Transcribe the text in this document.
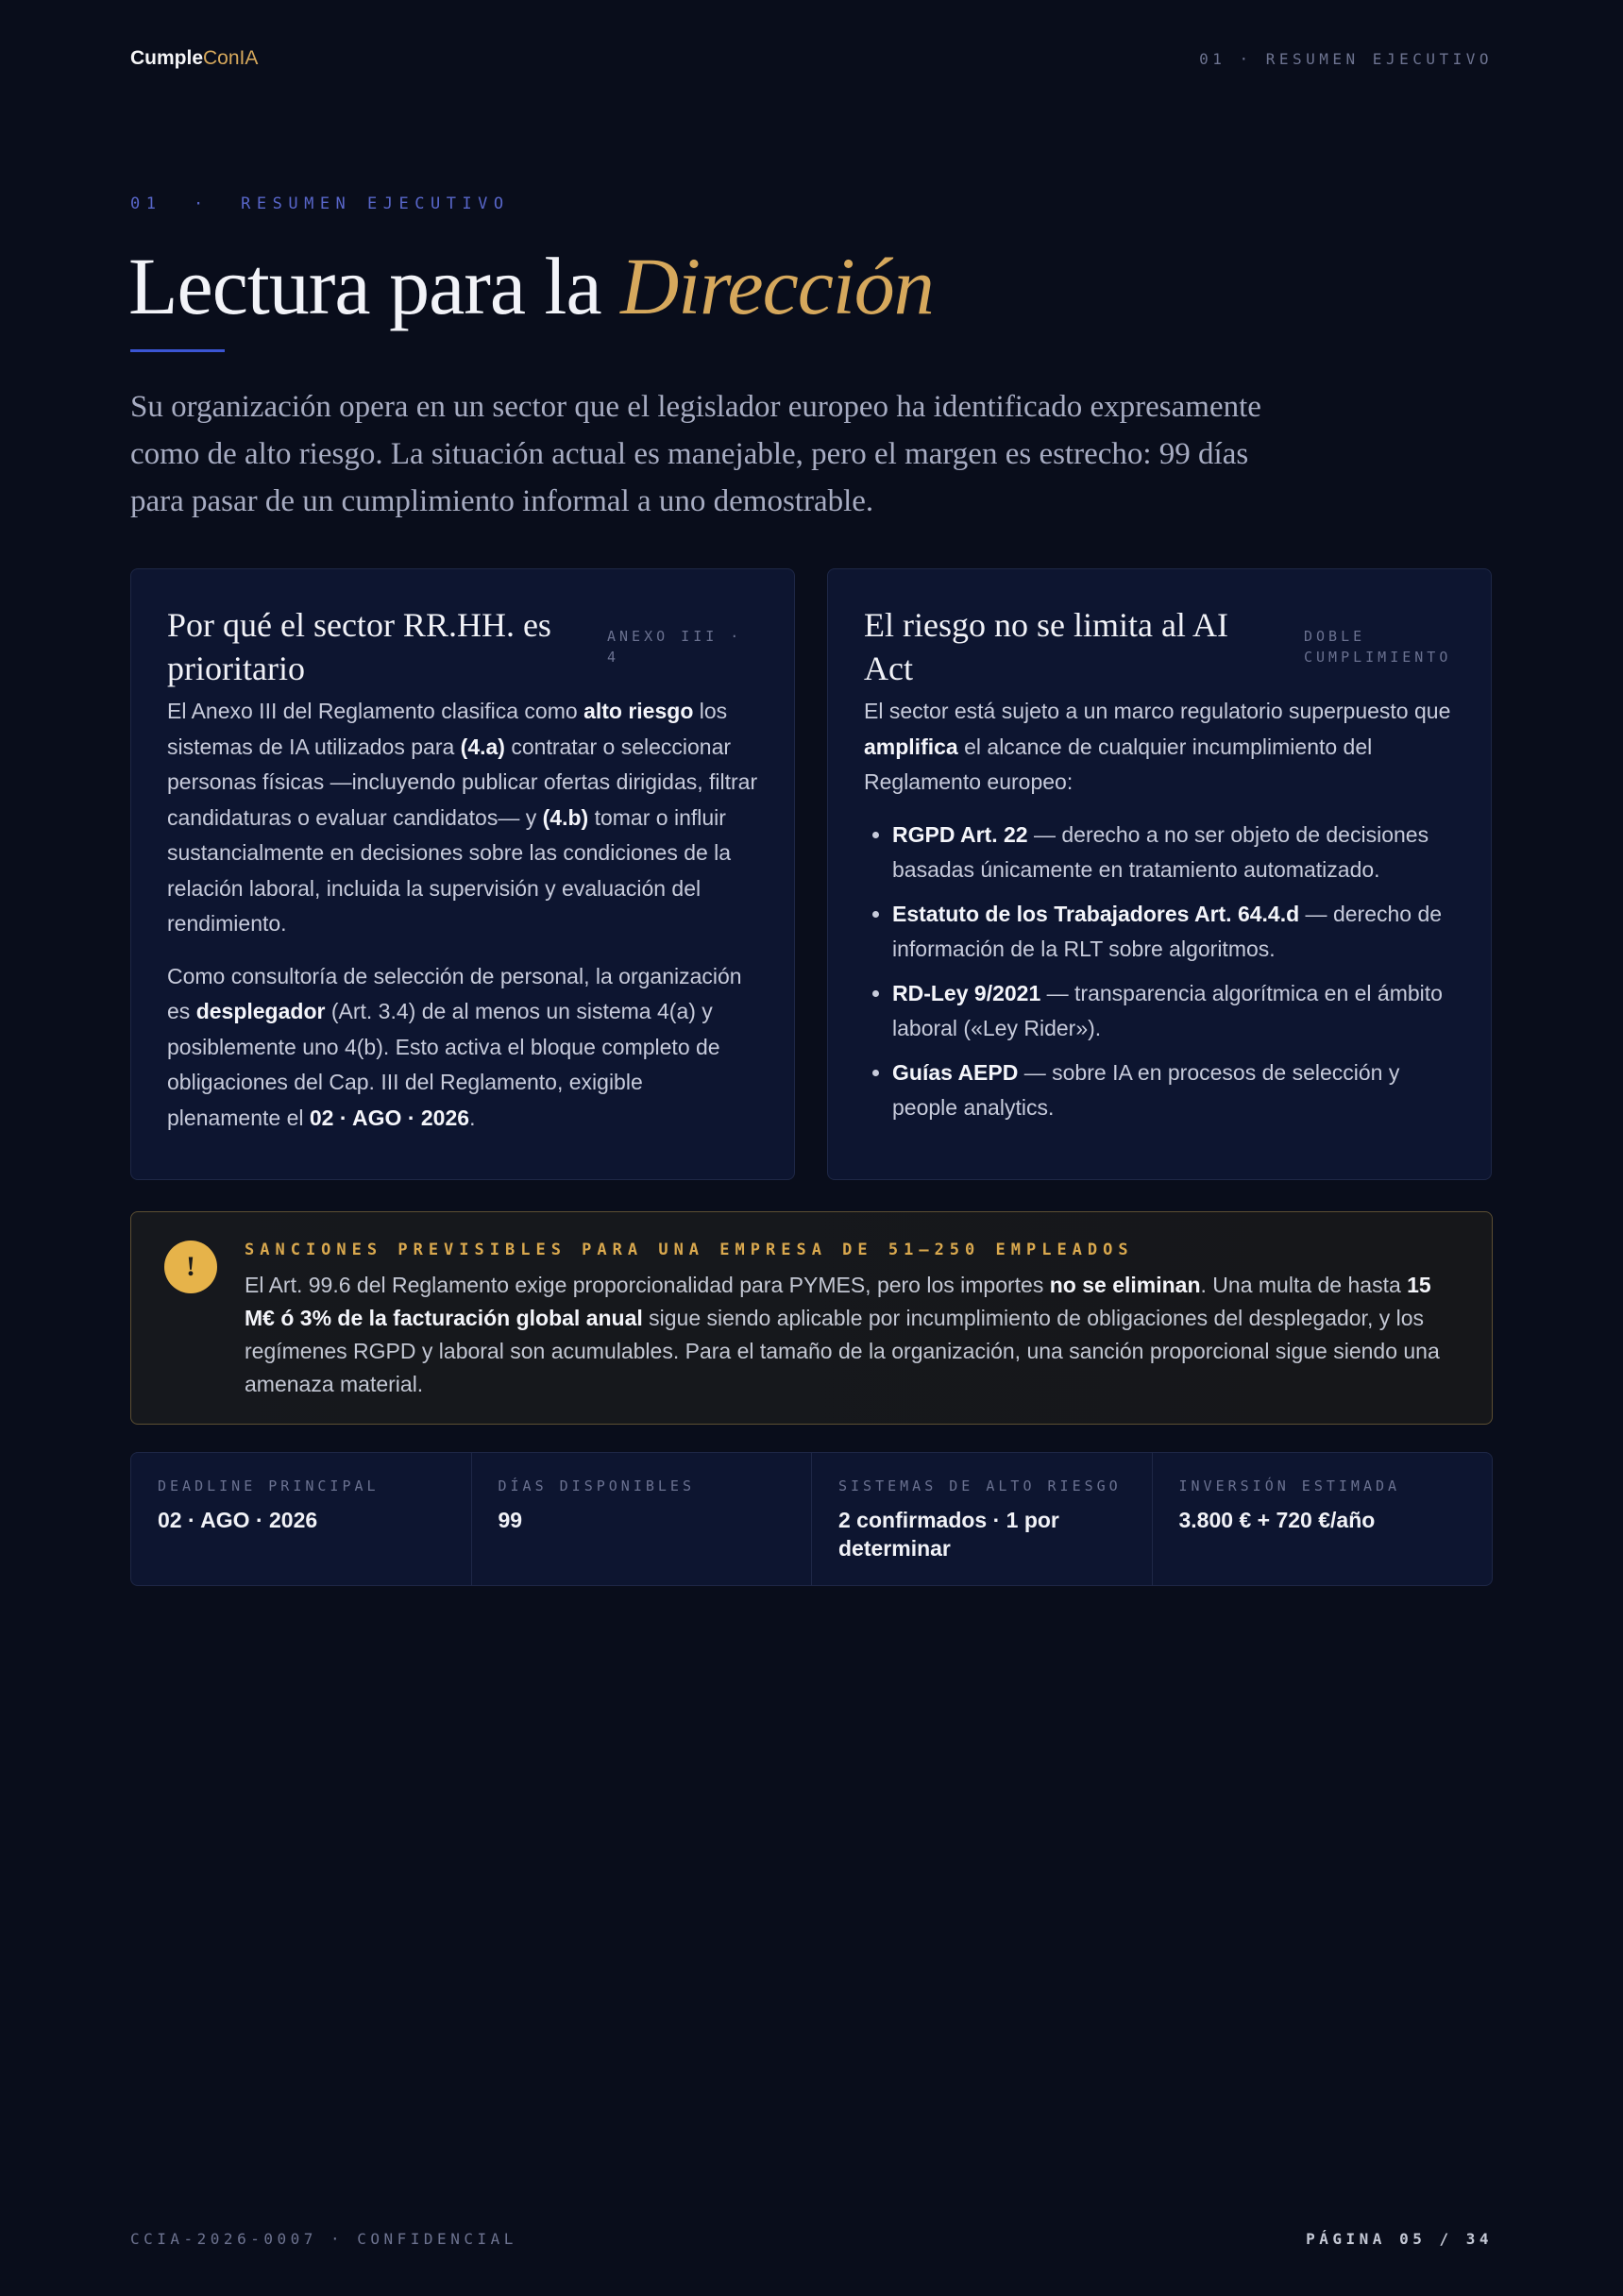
CumpleConIA	01 · RESUMEN EJECUTIVO
01  ·  RESUMEN EJECUTIVO
Lectura para la Dirección

Su organización opera en un sector que el legislador europeo ha identificado expresamente como de alto riesgo. La situación actual es manejable, pero el margen es estrecho: 99 días para pasar de un cumplimiento informal a uno demostrable.

Por qué el sector RR.HH. es prioritario
ANEXO III · 4

El Anexo III del Reglamento clasifica como alto riesgo los sistemas de IA utilizados para (4.a) contratar o seleccionar personas físicas —incluyendo publicar ofertas dirigidas, filtrar candidaturas o evaluar candidatos— y (4.b) tomar o influir sustancialmente en decisiones sobre las condiciones de la relación laboral, incluida la supervisión y evaluación del rendimiento.

Como consultoría de selección de personal, la organización es desplegador (Art. 3.4) de al menos un sistema 4(a) y posiblemente uno 4(b). Esto activa el bloque completo de obligaciones del Cap. III del Reglamento, exigible plenamente el 02 · AGO · 2026.

El riesgo no se limita al AI Act
DOBLE CUMPLIMIENTO

El sector está sujeto a un marco regulatorio superpuesto que amplifica el alcance de cualquier incumplimiento del Reglamento europeo:

• RGPD Art. 22 — derecho a no ser objeto de decisiones basadas únicamente en tratamiento automatizado.
• Estatuto de los Trabajadores Art. 64.4.d — derecho de información de la RLT sobre algoritmos.
• RD-Ley 9/2021 — transparencia algorítmica en el ámbito laboral («Ley Rider»).
• Guías AEPD — sobre IA en procesos de selección y people analytics.
!
SANCIONES PREVISIBLES PARA UNA EMPRESA DE 51–250 EMPLEADOS

El Art. 99.6 del Reglamento exige proporcionalidad para PYMES, pero los importes no se eliminan. Una multa de hasta 15 M€ ó 3% de la facturación global anual sigue siendo aplicable por incumplimiento de obligaciones del desplegador, y los regímenes RGPD y laboral son acumulables. Para el tamaño de la organización, una sanción proporcional sigue siendo una amenaza material.

DEADLINE PRINCIPAL
02 · AGO · 2026
DÍAS DISPONIBLES
99
SISTEMAS DE ALTO RIESGO
2 confirmados · 1 por determinar
INVERSIÓN ESTIMADA
3.800 € + 720 €/año
CCIA-2026-0007 · CONFIDENCIAL	PÁGINA 05 / 34
